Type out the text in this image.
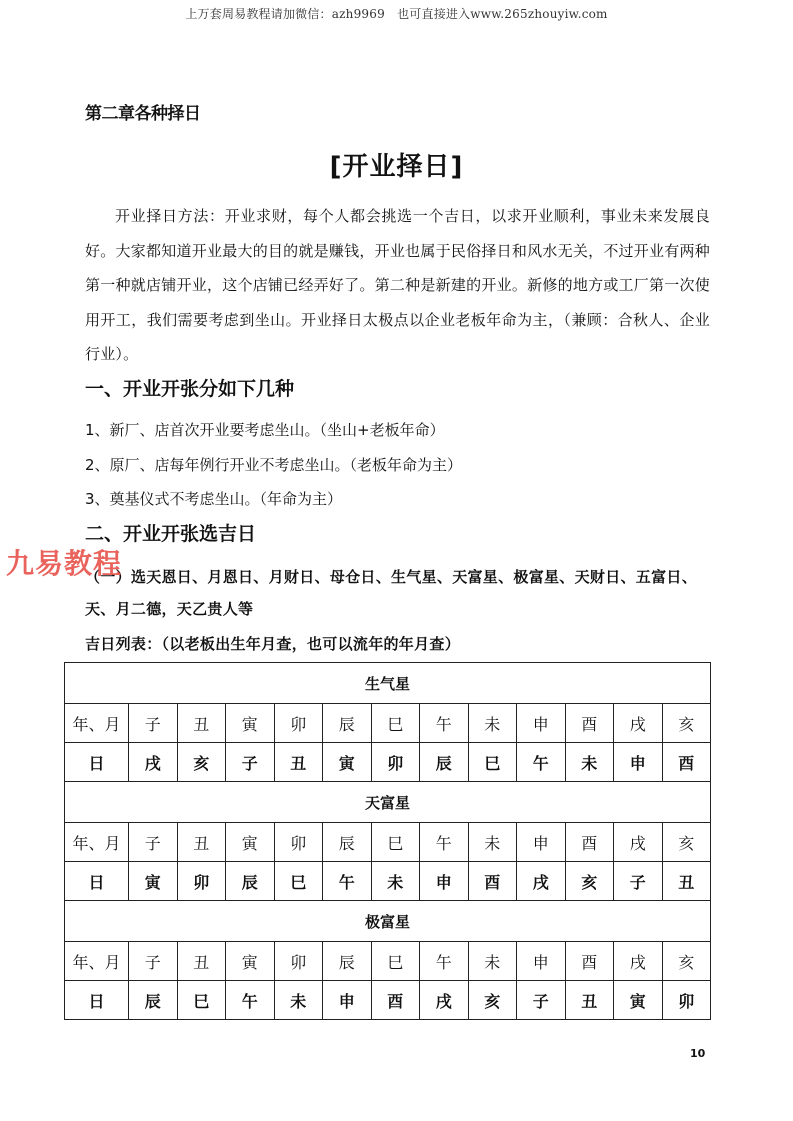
上万套周易教程请加微信：azh9969　也可直接进入www.265zhouyiw.com
第二章各种择日
[开业择日]
开业择日方法：开业求财，每个人都会挑选一个吉日，以求开业顺利，事业未来发展良好。大家都知道开业最大的目的就是赚钱，开业也属于民俗择日和风水无关，不过开业有两种第一种就店铺开业，这个店铺已经弄好了。第二种是新建的开业。新修的地方或工厂第一次使用开工，我们需要考虑到坐山。开业择日太极点以企业老板年命为主，（兼顾：合秋人、企业行业）。
一、开业开张分如下几种
1、新厂、店首次开业要考虑坐山。（坐山+老板年命）
2、原厂、店每年例行开业不考虑坐山。（老板年命为主）
3、奠基仪式不考虑坐山。（年命为主）
二、开业开张选吉日
（一）选天恩日、月恩日、月财日、母仓日、生气星、天富星、极富星、天财日、五富日、
天、月二德，天乙贵人等
吉日列表：（以老板出生年月查，也可以流年的年月查）
九易教程
生气星												
年、月	子	丑	寅	卯	辰	巳	午	未	申	酉	戌	亥
日	戌	亥	子	丑	寅	卯	辰	巳	午	未	申	酉
天富星												
年、月	子	丑	寅	卯	辰	巳	午	未	申	酉	戌	亥
日	寅	卯	辰	巳	午	未	申	酉	戌	亥	子	丑
极富星												
年、月	子	丑	寅	卯	辰	巳	午	未	申	酉	戌	亥
日	辰	巳	午	未	申	酉	戌	亥	子	丑	寅	卯
10
